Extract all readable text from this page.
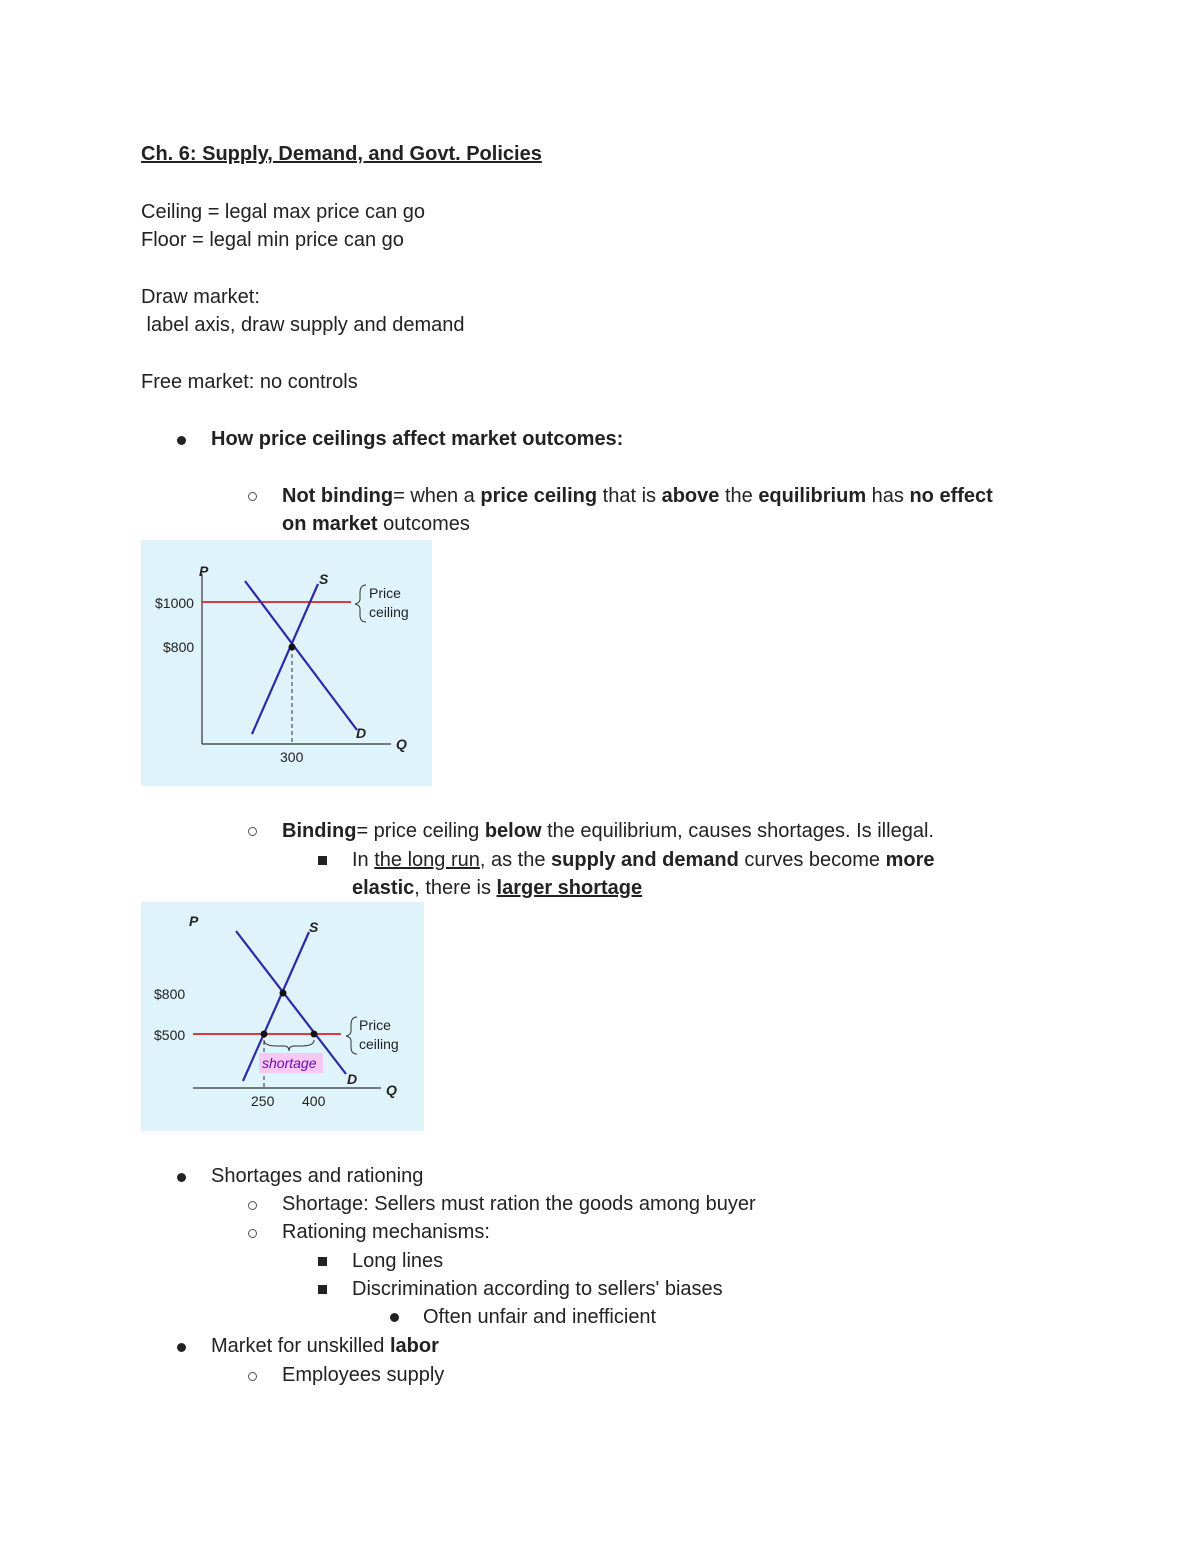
Ch. 6: Supply, Demand, and Govt. Policies

Ceiling = legal max price can go

Floor = legal min price can go

Draw market:

label axis, draw supply and demand

Free market: no controls

How price ceilings affect market outcomes:

Not binding= when a price ceiling that is above the equilibrium has no effect

on market outcomes

P
Q
S
D
$1000
$800
300
Price
ceiling

Binding= price ceiling below the equilibrium, causes shortages. Is illegal.

In the long run, as the supply and demand curves become more

elastic, there is larger shortage

P
Q
shortage
S
D
$800
$500
250 400
Price
ceiling

Shortages and rationing

Shortage: Sellers must ration the goods among buyer

Rationing mechanisms:

Long lines

Discrimination according to sellers' biases

Often unfair and inefficient

Market for unskilled labor

Employees supply
